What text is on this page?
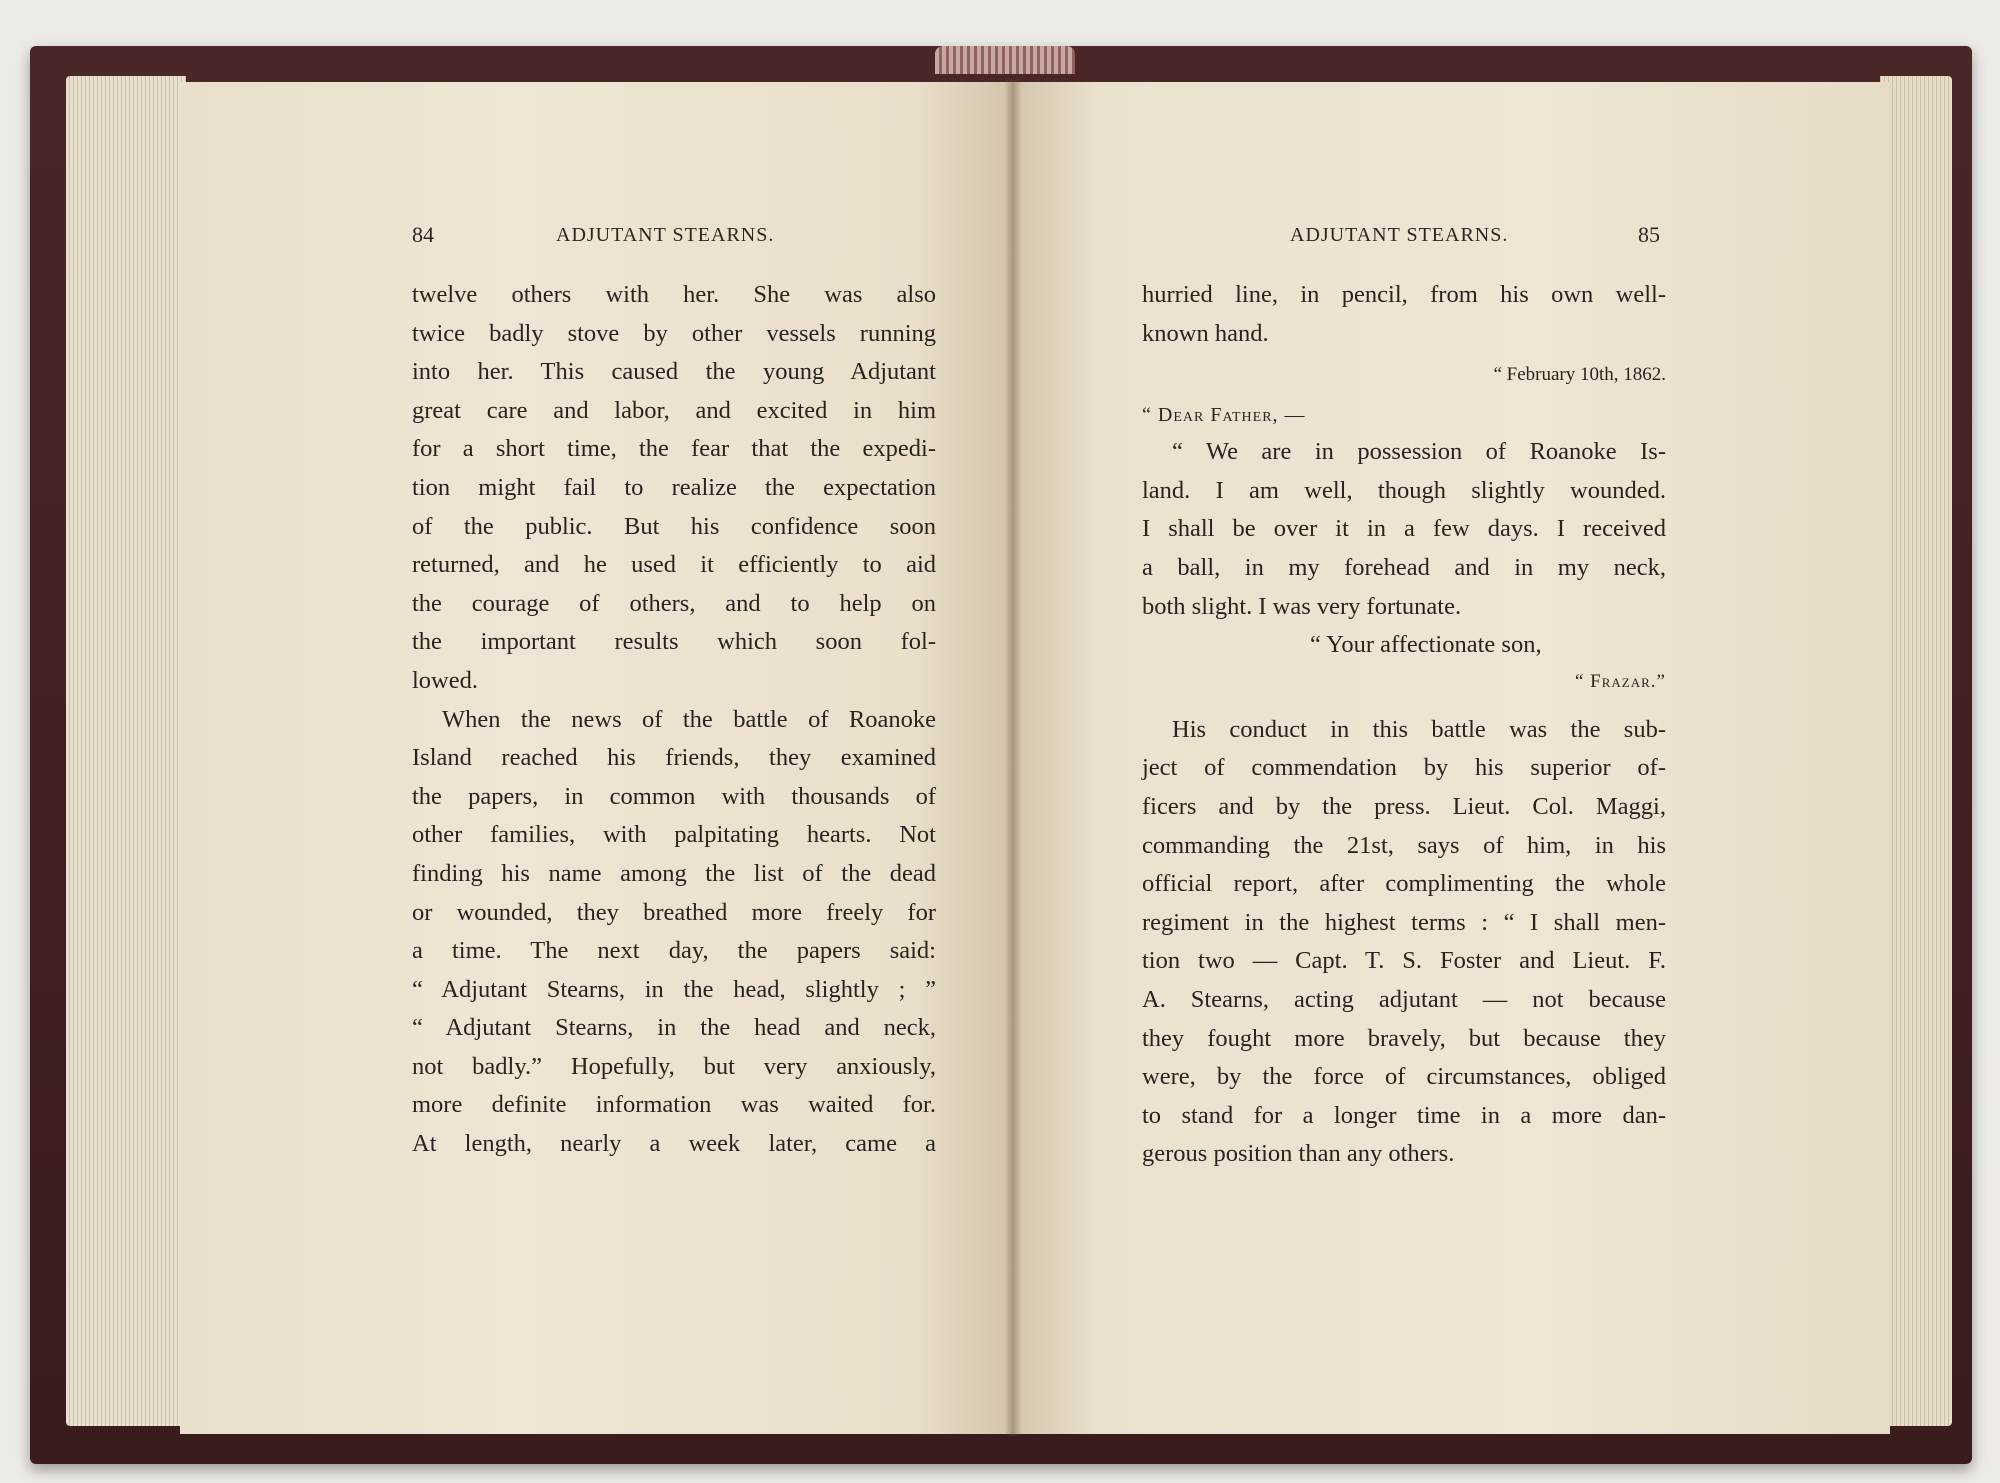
84	ADJUTANT STEARNS.
twelve others with her. She was also
twice badly stove by other vessels running
into her. This caused the young Adjutant
great care and labor, and excited in him
for a short time, the fear that the expedi-
tion might fail to realize the expectation
of the public. But his confidence soon
returned, and he used it efficiently to aid
the courage of others, and to help on
the important results which soon fol-
lowed.
When the news of the battle of Roanoke
Island reached his friends, they examined
the papers, in common with thousands of
other families, with palpitating hearts. Not
finding his name among the list of the dead
or wounded, they breathed more freely for
a time. The next day, the papers said:
“ Adjutant Stearns, in the head, slightly ; ”
“ Adjutant Stearns, in the head and neck,
not badly.” Hopefully, but very anxiously,
more definite information was waited for.
At length, nearly a week later, came a
ADJUTANT STEARNS.	85
hurried line, in pencil, from his own well-
known hand.
“ February 10th, 1862.
“ Dear Father, —
“ We are in possession of Roanoke Is-
land. I am well, though slightly wounded.
I shall be over it in a few days. I received
a ball, in my forehead and in my neck,
both slight. I was very fortunate.
“ Your affectionate son,
“ Frazar.”
His conduct in this battle was the sub-
ject of commendation by his superior of-
ficers and by the press. Lieut. Col. Maggi,
commanding the 21st, says of him, in his
official report, after complimenting the whole
regiment in the highest terms : “ I shall men-
tion two — Capt. T. S. Foster and Lieut. F.
A. Stearns, acting adjutant — not because
they fought more bravely, but because they
were, by the force of circumstances, obliged
to stand for a longer time in a more dan-
gerous position than any others.
